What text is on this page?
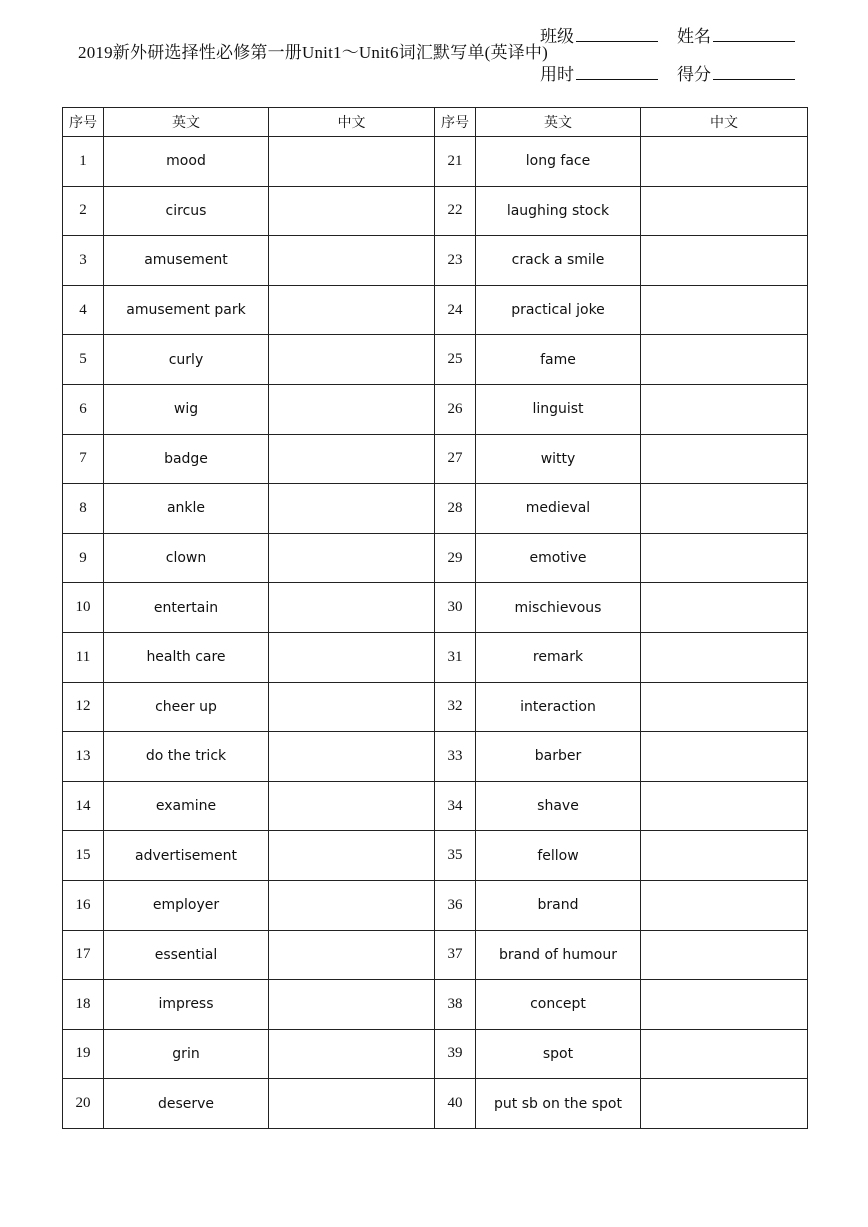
2019新外研选择性必修第一册Unit1～Unit6词汇默写单(英译中)
班级	姓名
用时	得分
序号	英文	中文	序号	英文	中文
1	mood		21	long face	
2	circus		22	laughing stock	
3	amusement		23	crack a smile	
4	amusement park		24	practical joke	
5	curly		25	fame	
6	wig		26	linguist	
7	badge		27	witty	
8	ankle		28	medieval	
9	clown		29	emotive	
10	entertain		30	mischievous	
11	health care		31	remark	
12	cheer up		32	interaction	
13	do the trick		33	barber	
14	examine		34	shave	
15	advertisement		35	fellow	
16	employer		36	brand	
17	essential		37	brand of humour	
18	impress		38	concept	
19	grin		39	spot	
20	deserve		40	put sb on the spot	
